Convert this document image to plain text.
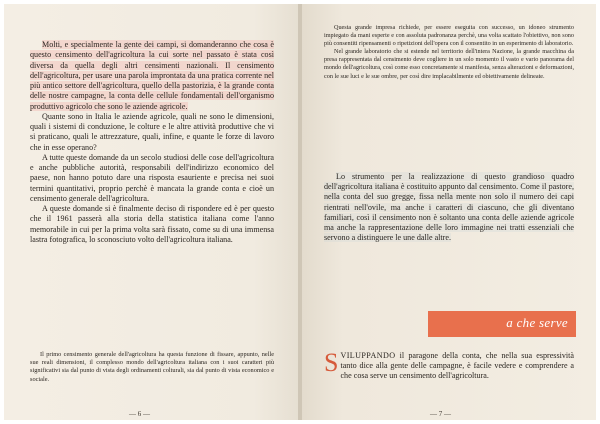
Molti, e specialmente la gente dei campi, si domanderanno che cosa è questo censimento dell'agricoltura la cui sorte nel passato è stata così diversa da quella degli altri censimenti nazionali. Il censimento dell'agricoltura, per usare una parola improntata da una pratica corrente nel più antico settore dell'agricoltura, quello della pastorizia, è la grande conta delle nostre campagne, la conta delle cellule fondamentali dell'organismo produttivo agricolo che sono le aziende agricole.

Quante sono in Italia le aziende agricole, quali ne sono le dimensioni, quali i sistemi di conduzione, le colture e le altre attività produttive che vi si praticano, quali le attrezzature, quali, infine, e quante le forze di lavoro che in esse operano?

A tutte queste domande da un secolo studiosi delle cose dell'agricoltura e anche pubbliche autorità, responsabili dell'indirizzo economico del paese, non hanno potuto dare una risposta esauriente e precisa nei suoi termini quantitativi, proprio perchè è mancata la grande conta e cioè un censimento generale dell'agricoltura.

A queste domande si è finalmente deciso di rispondere ed è per questo che il 1961 passerà alla storia della statistica italiana come l'anno memorabile in cui per la prima volta sarà fissato, come su di una immensa lastra fotografica, lo sconosciuto volto dell'agricoltura italiana.

Il primo censimento generale dell'agricoltura ha questa funzione di fissare, appunto, nelle sue reali dimensioni, il complesso mondo dell'agricoltura italiana con i suoi caratteri più significativi sia dal punto di vista degli ordinamenti colturali, sia dal punto di vista economico e sociale.

— 6 —

Questa grande impresa richiede, per essere eseguita con successo, un idoneo strumento impiegato da mani esperte e con assoluta padronanza perchè, una volta scattato l'obiettivo, non sono più consentiti ripensamenti o ripetizioni dell'opera con il consentito in un esperimento di laboratorio.

Nel grande laboratorio che si estende nel territorio dell'intera Nazione, la grande macchina da presa rappresentata dal censimento deve cogliere in un solo momento il vasto e vario panorama del mondo dell'agricoltura, così come esso concretamente si manifesta, senza alterazioni e deformazioni, con le sue luci e le sue ombre, per così dire implacabilmente ed obiettivamente delineate.

Lo strumento per la realizzazione di questo grandioso quadro dell'agricoltura italiana è costituito appunto dal censimento. Come il pastore, nella conta del suo gregge, fissa nella mente non solo il numero dei capi rientrati nell'ovile, ma anche i caratteri di ciascuno, che gli diventano familiari, così il censimento non è soltanto una conta delle aziende agricole ma anche la rappresentazione delle loro immagine nei tratti essenziali che servono a distinguere le une dalle altre.

a che serve

SVILUPPANDO il paragone della conta, che nella sua espressività tanto dice alla gente delle campagne, è facile vedere e comprendere a che cosa serve un censimento dell'agricoltura.

— 7 —
